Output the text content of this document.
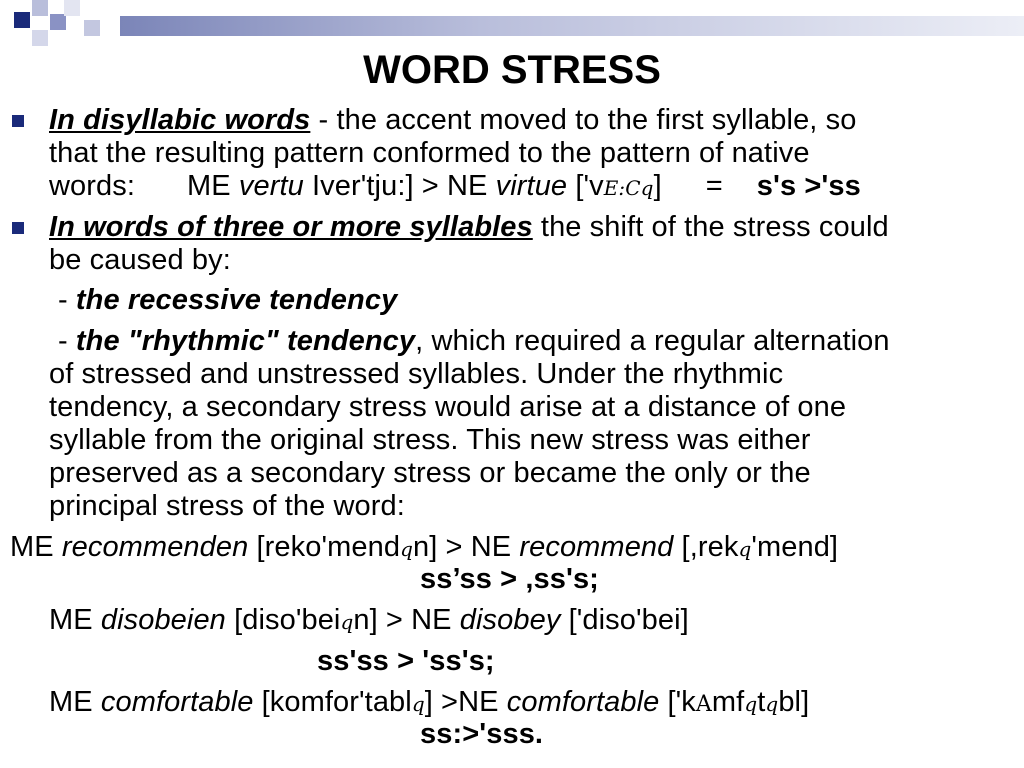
WORD STRESS
In disyllabic words - the accent moved to the first syllable, so
that the resulting pattern conformed to the pattern of native
words: ME vertu Iver'tju:] > NE virtue ['vE:Cq] = s's >'ss
In words of three or more syllables the shift of the stress could
be caused by:
- the recessive tendency
- the "rhythmic" tendency, which required a regular alternation
of stressed and unstressed syllables. Under the rhythmic
tendency, a secondary stress would arise at a distance of one
syllable from the original stress. This new stress was either
preserved as a secondary stress or became the only or the
principal stress of the word:
ME recommenden [reko'mendqn] > NE recommend [,rekq'mend]
ss’ss > ,ss's;
ME disobeien [diso'beiqn] > NE disobey ['diso'bei]
ss'ss > 'ss's;
ME comfortable [komfor'tablq] >NE comfortable ['kAmfqtqbl]
ss:>'sss.
